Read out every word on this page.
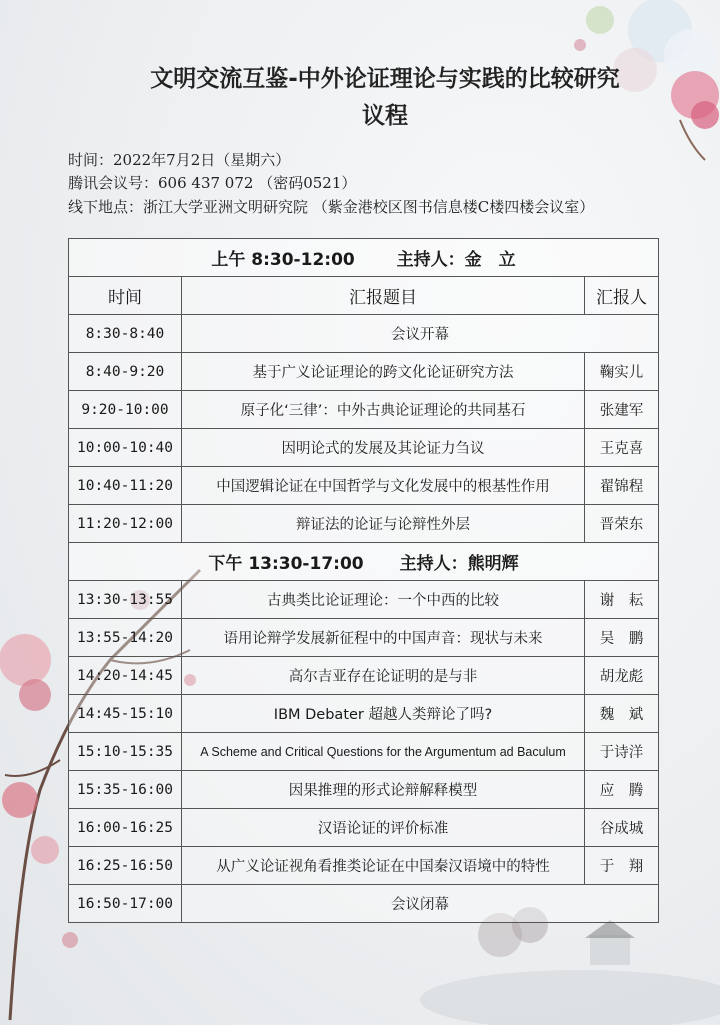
文明交流互鉴-中外论证理论与实践的比较研究
议程
时间：2022年7月2日（星期六）
腾讯会议号：606 437 072 （密码0521）
线下地点：浙江大学亚洲文明研究院 （紫金港校区图书信息楼C楼四楼会议室）
上午 8:30-12:00 主持人：金　立		
时间	汇报题目	汇报人
8:30-8:40	会议开幕	
8:40-9:20	基于广义论证理论的跨文化论证研究方法	鞠实儿
9:20-10:00	原子化‘三律’：中外古典论证理论的共同基石	张建军
10:00-10:40	因明论式的发展及其论证力刍议	王克喜
10:40-11:20	中国逻辑论证在中国哲学与文化发展中的根基性作用	翟锦程
11:20-12:00	辩证法的论证与论辩性外层	晋荣东
下午 13:30-17:00 主持人：熊明辉		
13:30-13:55	古典类比论证理论：一个中西的比较	谢　耘
13:55-14:20	语用论辩学发展新征程中的中国声音：现状与未来	吴　鹏
14:20-14:45	高尔吉亚存在论证明的是与非	胡龙彪
14:45-15:10	IBM Debater 超越人类辩论了吗?	魏　斌
15:10-15:35	A Scheme and Critical Questions for the Argumentum ad Baculum	于诗洋
15:35-16:00	因果推理的形式论辩解释模型	应　腾
16:00-16:25	汉语论证的评价标准	谷成城
16:25-16:50	从广义论证视角看推类论证在中国秦汉语境中的特性	于　翔
16:50-17:00	会议闭幕	
